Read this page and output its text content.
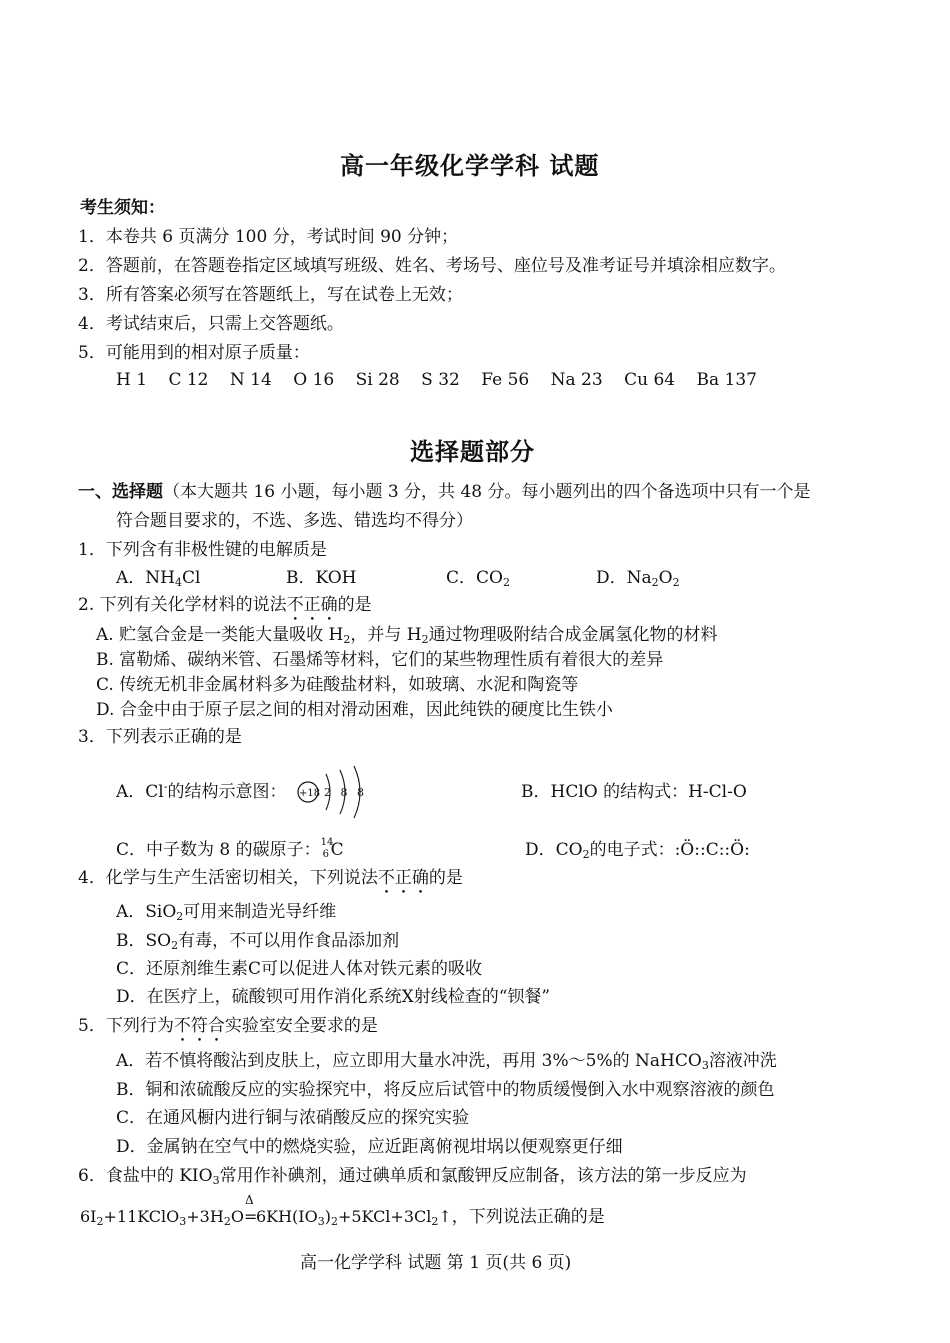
高一年级化学学科 试题
考生须知：
1．本卷共 6 页满分 100 分，考试时间 90 分钟；
2．答题前，在答题卷指定区域填写班级、姓名、考场号、座位号及准考证号并填涂相应数字。
3．所有答案必须写在答题纸上，写在试卷上无效；
4．考试结束后，只需上交答题纸。
5．可能用到的相对原子质量：
H 1 C 12 N 14 O 16 Si 28 S 32 Fe 56 Na 23 Cu 64 Ba 137
选择题部分
一、选择题（本大题共 16 小题，每小题 3 分，共 48 分。每小题列出的四个备选项中只有一个是
符合题目要求的，不选、多选、错选均不得分）
1．下列含有非极性键的电解质是
A．$NH_4Cl$	B．KOH	C．$CO_2$	D．$Na_2O_2$
2. 下列有关化学材料的说法不正确的是
A. 贮氢合金是一类能大量吸收 $H_2$，并与 $H_2$通过物理吸附结合成金属氢化物的材料
B. 富勒烯、碳纳米管、石墨烯等材料，它们的某些物理性质有着很大的差异
C. 传统无机非金属材料多为硅酸盐材料，如玻璃、水泥和陶瓷等
D. 合金中由于原子层之间的相对滑动困难，因此纯铁的硬度比生铁小
3．下列表示正确的是
A．Cl-的结构示意图： +18 2 8 8	B．HClO 的结构式：H-Cl-O
C．中子数为 8 的碳原子： 14
6 C	D．$CO_2$的电子式：:Ö::C::Ö:
4．化学与生产生活密切相关，下列说法不正确的是
A．SiO$_2$可用来制造光导纤维
B．$SO_2$有毒，不可以用作食品添加剂
C．还原剂维生素C可以促进人体对铁元素的吸收
D．在医疗上，硫酸钡可用作消化系统X射线检查的“钡餐”
5．下列行为不符合实验室安全要求的是
A．若不慎将酸沾到皮肤上，应立即用大量水冲洗，再用 3%～5%的 NaHCO$_3$溶液冲洗
B．铜和浓硫酸反应的实验探究中，将反应后试管中的物质缓慢倒入水中观察溶液的颜色
C．在通风橱内进行铜与浓硝酸反应的探究实验
D．金属钠在空气中的燃烧实验，应近距离俯视坩埚以便观察更仔细
6．食盐中的 $KIO_3$常用作补碘剂，通过碘单质和氯酸钾反应制备，该方法的第一步反应为
$6I_2+11KClO_3+3H_2O$
Δ
$=6KH(IO_3)_2+5KCl+3Cl_2↑$，下列说法正确的是
高一化学学科 试题 第 1 页(共 6 页)
